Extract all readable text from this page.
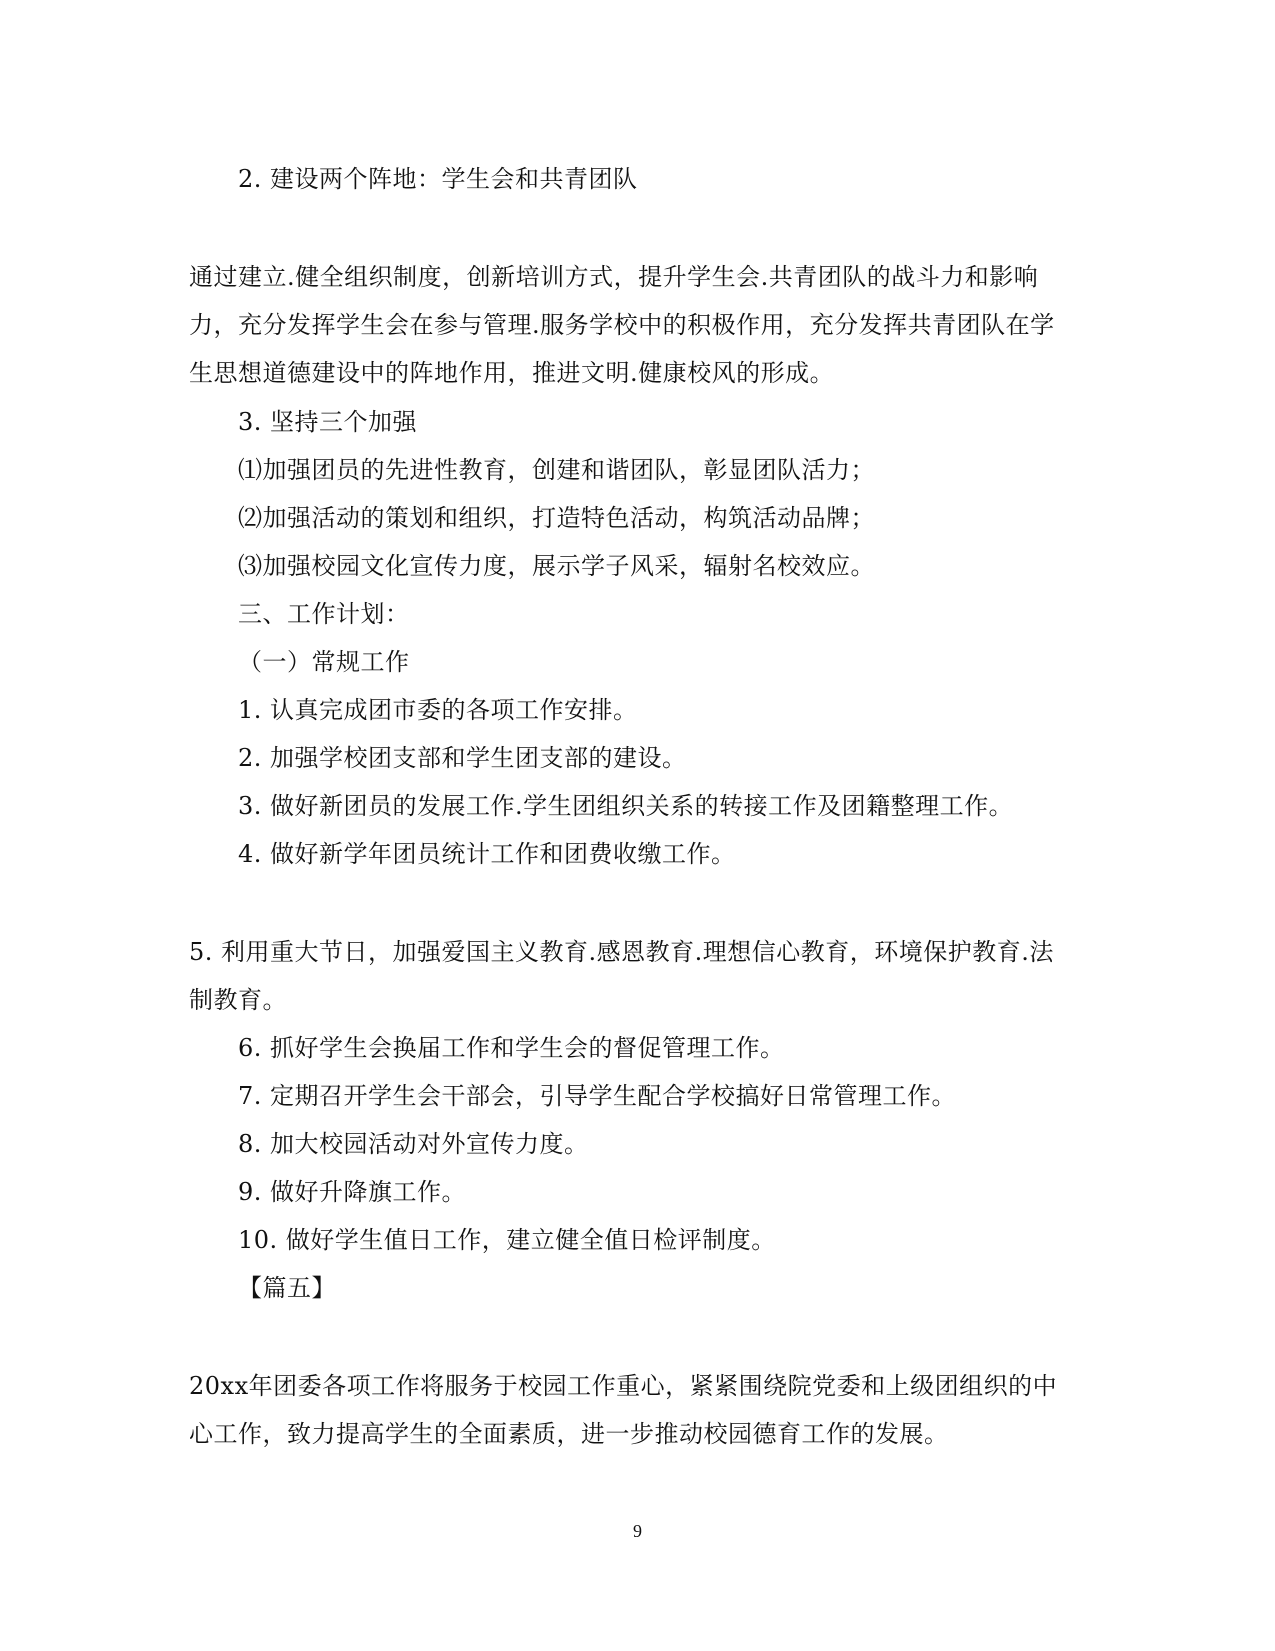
2. 建设两个阵地：学生会和共青团队
通过建立.健全组织制度，创新培训方式，提升学生会.共青团队的战斗力和影响
力，充分发挥学生会在参与管理.服务学校中的积极作用，充分发挥共青团队在学
生思想道德建设中的阵地作用，推进文明.健康校风的形成。
3. 坚持三个加强
⑴加强团员的先进性教育，创建和谐团队，彰显团队活力；
⑵加强活动的策划和组织，打造特色活动，构筑活动品牌；
⑶加强校园文化宣传力度，展示学子风采，辐射名校效应。
三、工作计划：
（一）常规工作
1. 认真完成团市委的各项工作安排。
2. 加强学校团支部和学生团支部的建设。
3. 做好新团员的发展工作.学生团组织关系的转接工作及团籍整理工作。
4. 做好新学年团员统计工作和团费收缴工作。
5. 利用重大节日，加强爱国主义教育.感恩教育.理想信心教育，环境保护教育.法
制教育。
6. 抓好学生会换届工作和学生会的督促管理工作。
7. 定期召开学生会干部会，引导学生配合学校搞好日常管理工作。
8. 加大校园活动对外宣传力度。
9. 做好升降旗工作。
10. 做好学生值日工作，建立健全值日检评制度。
【篇五】
20xx年团委各项工作将服务于校园工作重心，紧紧围绕院党委和上级团组织的中
心工作，致力提高学生的全面素质，进一步推动校园德育工作的发展。
9
